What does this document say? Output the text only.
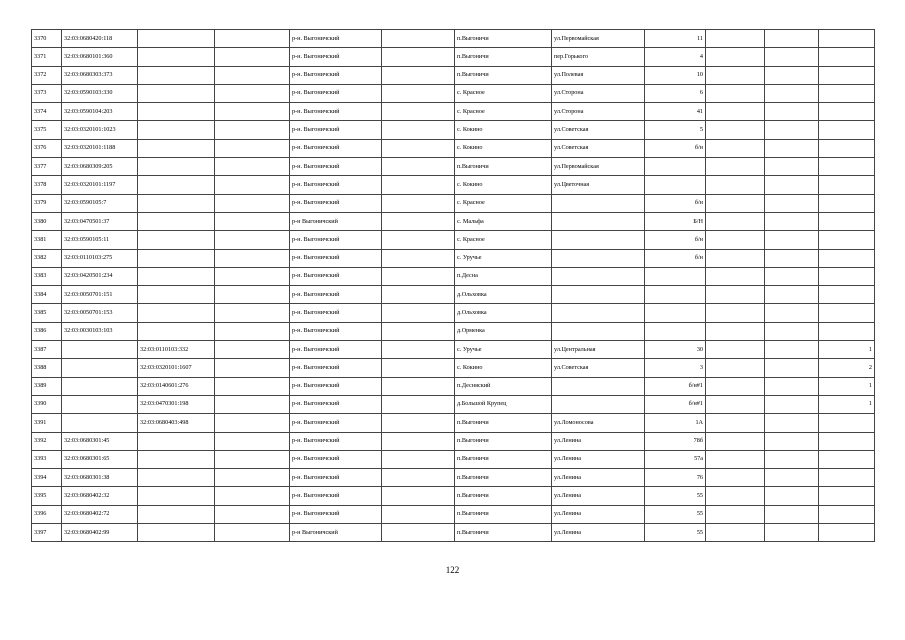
3370	32:03:0680420:118			р-н. Выгоничский		п.Выгоничи	ул.Первомайская	11			
3371	32:03:0680101:360			р-н. Выгоничский		п.Выгоничи	пер.Горького	4			
3372	32:03:0680303:373			р-н. Выгоничский		п.Выгоничи	ул.Полевая	10			
3373	32:03:0590103:330			р-н. Выгоничский		с. Красное	ул.Сторона	6			
3374	32:03:0590104:203			р-н. Выгоничский		с. Красное	ул.Сторона	41			
3375	32:03:0320101:1023			р-н. Выгоничский		с. Кокино	ул.Советская	5			
3376	32:03:0320101:1188			р-н. Выгоничский		с. Кокино	ул.Советская	б/н			
3377	32:03:0680309:205			р-н. Выгоничский		п.Выгоничи	ул.Первомайская				
3378	32:03:0320101:1197			р-н. Выгоничский		с. Кокино	ул.Цветочная				
3379	32:03:0590105:7			р-н. Выгоничский		с. Красное		б/н			
3380	32:03:0470501:37			р-н Выгоничский		с. Мальфа		Б/Н			
3381	32:03:0590105:11			р-н. Выгоничский		с. Красное		б/н			
3382	32:03:0110103:275			р-н. Выгоничский		с. Уручье		б/н			
3383	32:03:0420501:234			р-н. Выгоничский		п.Десна					
3384	32:03:0050701:151			р-н. Выгоничский		д.Ольховка					
3385	32:03:0050701:153			р-н. Выгоничский		д.Ольховка					
3386	32:03:0030103:103			р-н. Выгоничский		д.Орменка					
3387		32:03:0110103:332		р-н. Выгоничский		с. Уручье	ул.Центральная	30			1
3388		32:03:0320101:1607		р-н. Выгоничский		с. Кокино	ул.Советская	3			2
3389		32:03:0140601:276		р-н. Выгоничский		п.Десняский		б/н#1			1
3390		32:03:0470301:198		р-н. Выгоничский		д.Большой Крупец		б/н#1			1
3391		32:03:0680403:498		р-н. Выгоничский		п.Выгоничи	ул.Ломоносова	1А			
3392	32:03:0680301:45			р-н. Выгоничский		п.Выгоничи	ул.Ленина	78б			
3393	32:03:0680301:65			р-н. Выгоничский		п.Выгоничи	ул.Ленина	57а			
3394	32:03:0680301:38			р-н. Выгоничский		п.Выгоничи	ул.Ленина	76			
3395	32:03:0680402:32			р-н. Выгоничский		п.Выгоничи	ул.Ленина	55			
3396	32:03:0680402:72			р-н. Выгоничский		п.Выгоничи	ул.Ленина	55			
3397	32:03:0680402:99			р-н Выгоничский		п.Выгоничи	ул.Ленина	55			
122
